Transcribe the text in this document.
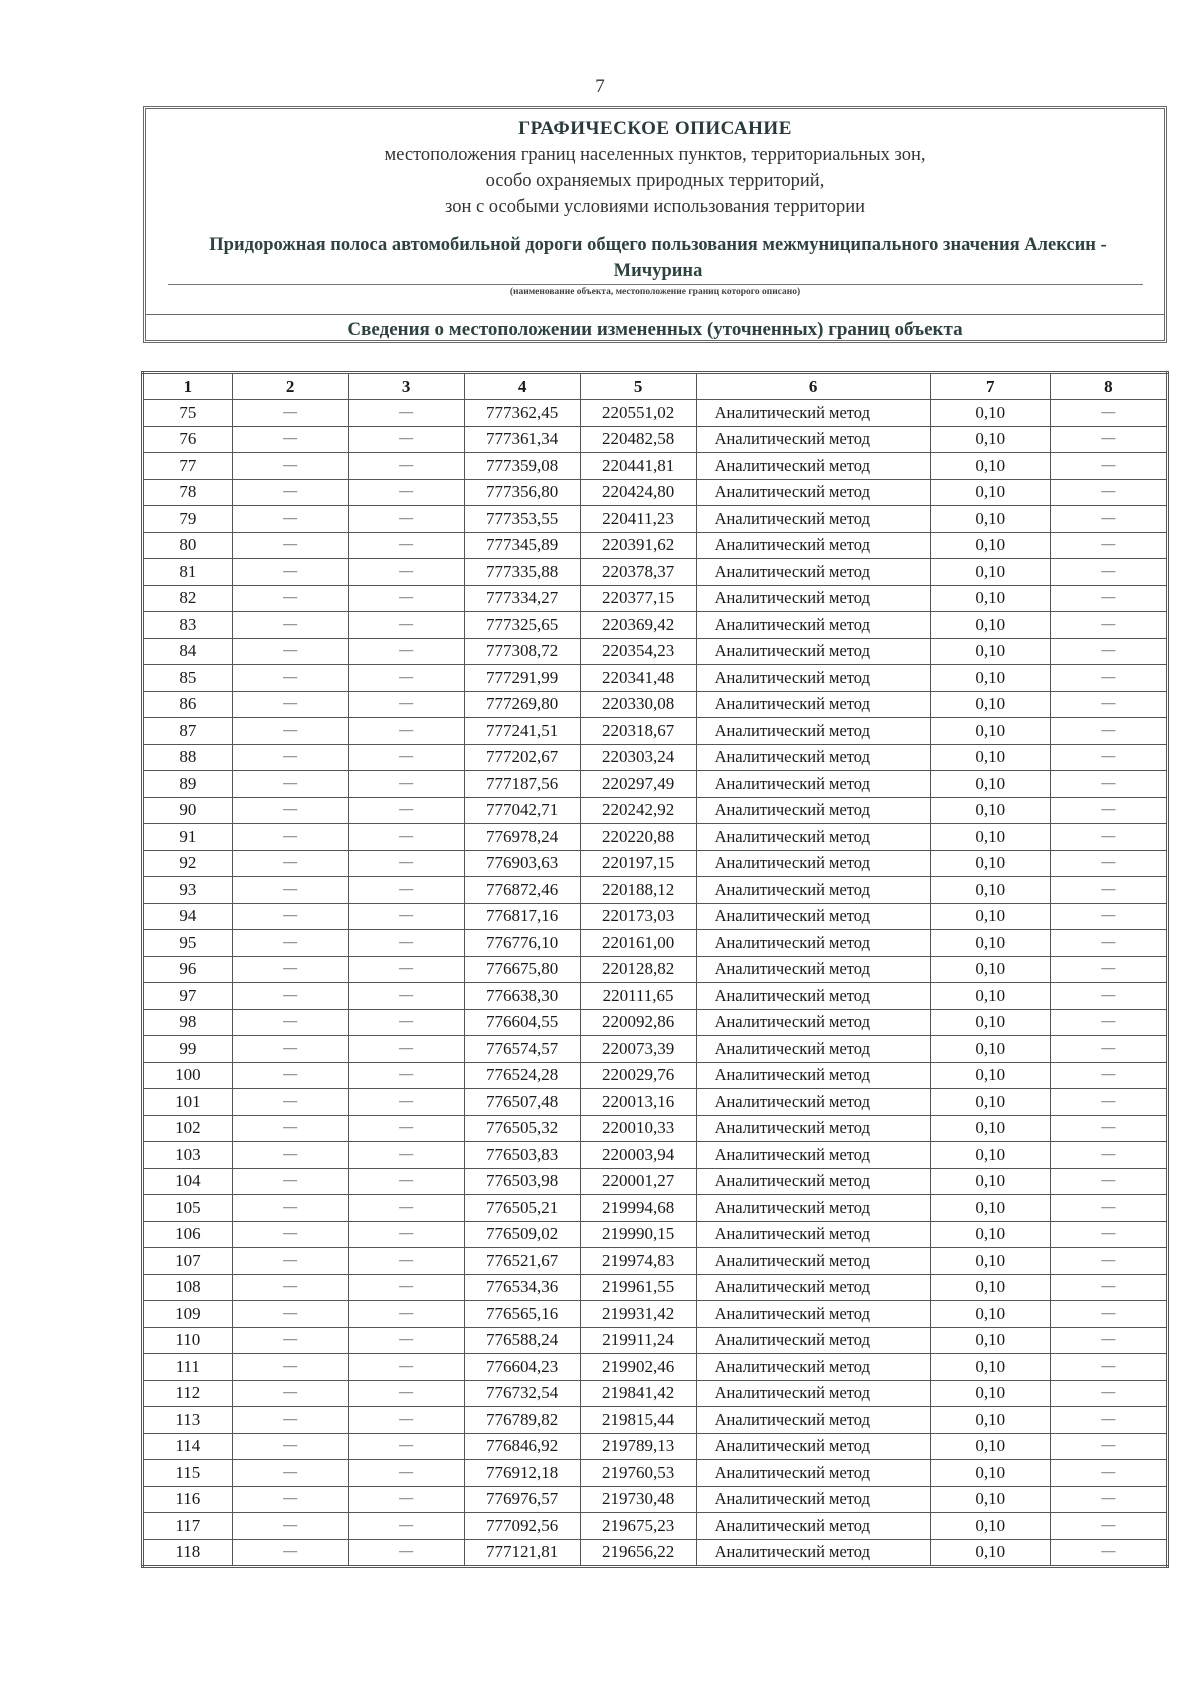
7
ГРАФИЧЕСКОЕ ОПИСАНИЕ
местоположения границ населенных пунктов, территориальных зон,
особо охраняемых природных территорий,
зон с особыми условиями использования территории
Придорожная полоса автомобильной дороги общего пользования межмуниципального значения Алексин - Мичурина
(наименование объекта, местоположение границ которого описано)
Сведения о местоположении измененных (уточненных) границ объекта
1	2	3	4	5	6	7	8
75	—	—	777362,45	220551,02	Аналитический метод	0,10	—
76	—	—	777361,34	220482,58	Аналитический метод	0,10	—
77	—	—	777359,08	220441,81	Аналитический метод	0,10	—
78	—	—	777356,80	220424,80	Аналитический метод	0,10	—
79	—	—	777353,55	220411,23	Аналитический метод	0,10	—
80	—	—	777345,89	220391,62	Аналитический метод	0,10	—
81	—	—	777335,88	220378,37	Аналитический метод	0,10	—
82	—	—	777334,27	220377,15	Аналитический метод	0,10	—
83	—	—	777325,65	220369,42	Аналитический метод	0,10	—
84	—	—	777308,72	220354,23	Аналитический метод	0,10	—
85	—	—	777291,99	220341,48	Аналитический метод	0,10	—
86	—	—	777269,80	220330,08	Аналитический метод	0,10	—
87	—	—	777241,51	220318,67	Аналитический метод	0,10	—
88	—	—	777202,67	220303,24	Аналитический метод	0,10	—
89	—	—	777187,56	220297,49	Аналитический метод	0,10	—
90	—	—	777042,71	220242,92	Аналитический метод	0,10	—
91	—	—	776978,24	220220,88	Аналитический метод	0,10	—
92	—	—	776903,63	220197,15	Аналитический метод	0,10	—
93	—	—	776872,46	220188,12	Аналитический метод	0,10	—
94	—	—	776817,16	220173,03	Аналитический метод	0,10	—
95	—	—	776776,10	220161,00	Аналитический метод	0,10	—
96	—	—	776675,80	220128,82	Аналитический метод	0,10	—
97	—	—	776638,30	220111,65	Аналитический метод	0,10	—
98	—	—	776604,55	220092,86	Аналитический метод	0,10	—
99	—	—	776574,57	220073,39	Аналитический метод	0,10	—
100	—	—	776524,28	220029,76	Аналитический метод	0,10	—
101	—	—	776507,48	220013,16	Аналитический метод	0,10	—
102	—	—	776505,32	220010,33	Аналитический метод	0,10	—
103	—	—	776503,83	220003,94	Аналитический метод	0,10	—
104	—	—	776503,98	220001,27	Аналитический метод	0,10	—
105	—	—	776505,21	219994,68	Аналитический метод	0,10	—
106	—	—	776509,02	219990,15	Аналитический метод	0,10	—
107	—	—	776521,67	219974,83	Аналитический метод	0,10	—
108	—	—	776534,36	219961,55	Аналитический метод	0,10	—
109	—	—	776565,16	219931,42	Аналитический метод	0,10	—
110	—	—	776588,24	219911,24	Аналитический метод	0,10	—
111	—	—	776604,23	219902,46	Аналитический метод	0,10	—
112	—	—	776732,54	219841,42	Аналитический метод	0,10	—
113	—	—	776789,82	219815,44	Аналитический метод	0,10	—
114	—	—	776846,92	219789,13	Аналитический метод	0,10	—
115	—	—	776912,18	219760,53	Аналитический метод	0,10	—
116	—	—	776976,57	219730,48	Аналитический метод	0,10	—
117	—	—	777092,56	219675,23	Аналитический метод	0,10	—
118	—	—	777121,81	219656,22	Аналитический метод	0,10	—
